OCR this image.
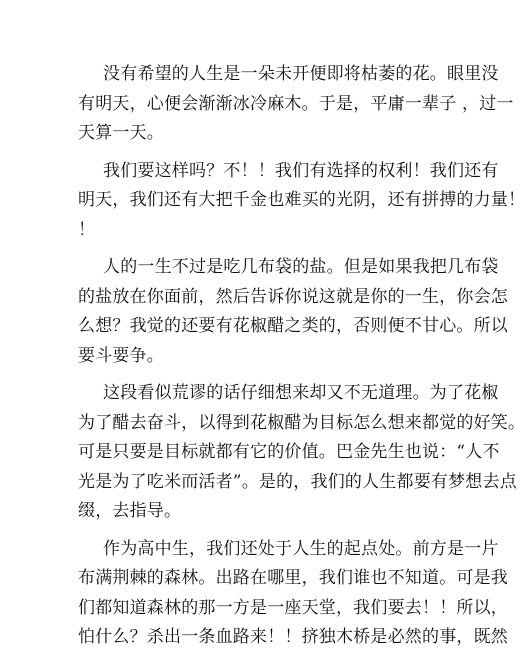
没有希望的人生是一朵未开便即将枯萎的花。眼里没
有明天，心便会渐渐冰冷麻木。于是，平庸一辈子 ，过一
天算一天。
我们要这样吗？不！！我们有选择的权利！我们还有
明天，我们还有大把千金也难买的光阴，还有拼搏的力量！
！
人的一生不过是吃几布袋的盐。但是如果我把几布袋
的盐放在你面前，然后告诉你说这就是你的一生，你会怎
么想？我觉的还要有花椒醋之类的，否则便不甘心。所以
要斗要争。
这段看似荒谬的话仔细想来却又不无道理。为了花椒
为了醋去奋斗，以得到花椒醋为目标怎么想来都觉的好笑。
可是只要是目标就都有它的价值。巴金先生也说：“人不
光是为了吃米而活者”。是的，我们的人生都要有梦想去点
缀，去指导。
作为高中生，我们还处于人生的起点处。前方是一片
布满荆棘的森林。出路在哪里，我们谁也不知道。可是我
们都知道森林的那一方是一座天堂，我们要去！！所以，
怕什么？杀出一条血路来！！挤独木桥是必然的事，既然
